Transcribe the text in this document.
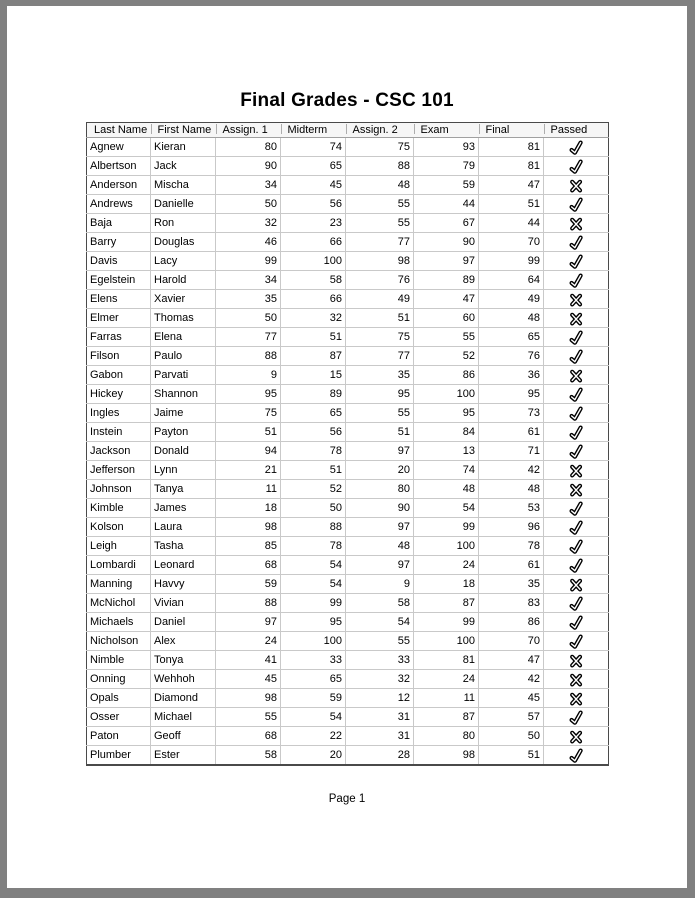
Final Grades - CSC 101
Last Name	First Name	Assign. 1	Midterm	Assign. 2	Exam	Final	Passed
Agnew	Kieran	80	74	75	93	81	

Albertson	Jack	90	65	88	79	81	

Anderson	Mischa	34	45	48	59	47	

Andrews	Danielle	50	56	55	44	51	

Baja	Ron	32	23	55	67	44	

Barry	Douglas	46	66	77	90	70	

Davis	Lacy	99	100	98	97	99	

Egelstein	Harold	34	58	76	89	64	

Elens	Xavier	35	66	49	47	49	

Elmer	Thomas	50	32	51	60	48	

Farras	Elena	77	51	75	55	65	

Filson	Paulo	88	87	77	52	76	

Gabon	Parvati	9	15	35	86	36	

Hickey	Shannon	95	89	95	100	95	

Ingles	Jaime	75	65	55	95	73	

Instein	Payton	51	56	51	84	61	

Jackson	Donald	94	78	97	13	71	

Jefferson	Lynn	21	51	20	74	42	

Johnson	Tanya	11	52	80	48	48	

Kimble	James	18	50	90	54	53	

Kolson	Laura	98	88	97	99	96	

Leigh	Tasha	85	78	48	100	78	

Lombardi	Leonard	68	54	97	24	61	

Manning	Havvy	59	54	9	18	35	

McNichol	Vivian	88	99	58	87	83	

Michaels	Daniel	97	95	54	99	86	

Nicholson	Alex	24	100	55	100	70	

Nimble	Tonya	41	33	33	81	47	

Onning	Wehhoh	45	65	32	24	42	

Opals	Diamond	98	59	12	11	45	

Osser	Michael	55	54	31	87	57	

Paton	Geoff	68	22	31	80	50	

Plumber	Ester	58	20	28	98	51	
Page 1
